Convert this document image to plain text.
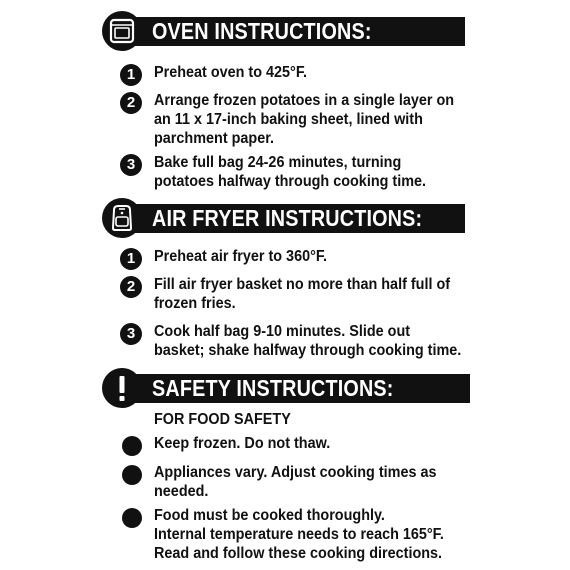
OVEN INSTRUCTIONS:
1	Preheat oven to 425°F.
2	Arrange frozen potatoes in a single layer on
an 11 x 17-inch baking sheet, lined with
parchment paper.
3	Bake full bag 24-26 minutes, turning
potatoes halfway through cooking time.
AIR FRYER INSTRUCTIONS:
1	Preheat air fryer to 360°F.
2	Fill air fryer basket no more than half full of
frozen fries.
3	Cook half bag 9-10 minutes. Slide out
basket; shake halfway through cooking time.
SAFETY INSTRUCTIONS:
FOR FOOD SAFETY
Keep frozen. Do not thaw.
Appliances vary. Adjust cooking times as
needed.
Food must be cooked thoroughly.
Internal temperature needs to reach 165°F.
Read and follow these cooking directions.
